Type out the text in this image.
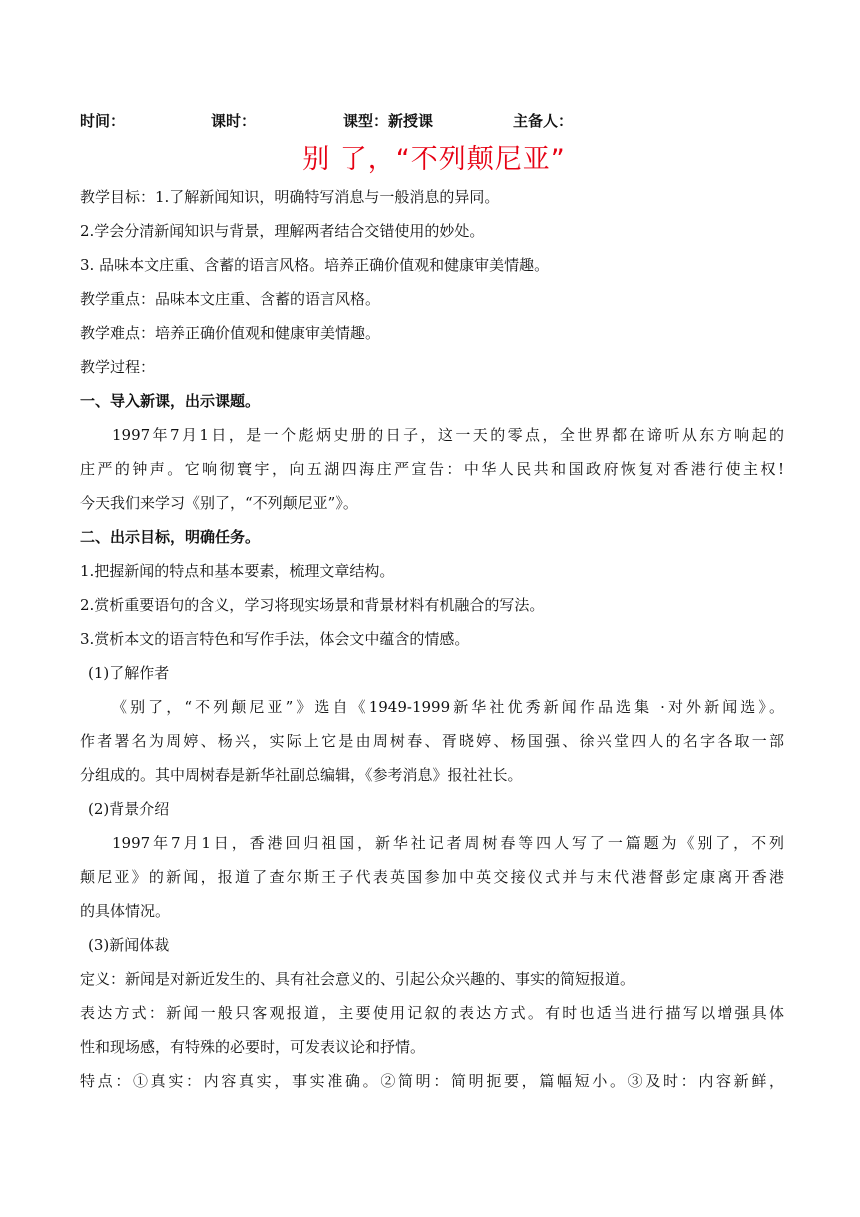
时间：	课时：	课型：新授课	主备人：
别 了，“不列颠尼亚”
教学目标：1.了解新闻知识，明确特写消息与一般消息的异同。
2.学会分清新闻知识与背景，理解两者结合交错使用的妙处。
3. 品味本文庄重、含蓄的语言风格。培养正确价值观和健康审美情趣。
教学重点：品味本文庄重、含蓄的语言风格。
教学难点：培养正确价值观和健康审美情趣。
教学过程：
一、导入新课，出示课题。
1997年7月1日，是一个彪炳史册的日子，这一天的零点，全世界都在谛听从东方响起的
庄严的钟声。它响彻寰宇，向五湖四海庄严宣告：中华人民共和国政府恢复对香港行使主权!
今天我们来学习《别了，“不列颠尼亚”》。
二、出示目标，明确任务。
1.把握新闻的特点和基本要素，梳理文章结构。
2.赏析重要语句的含义，学习将现实场景和背景材料有机融合的写法。
3.赏析本文的语言特色和写作手法，体会文中蕴含的情感。
(1)了解作者
《别了，“不列颠尼亚”》选自《1949-1999新华社优秀新闻作品选集 ·对外新闻选》。
作者署名为周婷、杨兴，实际上它是由周树春、胥晓婷、杨国强、徐兴堂四人的名字各取一部
分组成的。其中周树春是新华社副总编辑，《参考消息》报社社长。
(2)背景介绍
1997年7月1日，香港回归祖国，新华社记者周树春等四人写了一篇题为《别了，不列
颠尼亚》的新闻，报道了查尔斯王子代表英国参加中英交接仪式并与末代港督彭定康离开香港
的具体情况。
(3)新闻体裁
定义：新闻是对新近发生的、具有社会意义的、引起公众兴趣的、事实的简短报道。
表达方式：新闻一般只客观报道，主要使用记叙的表达方式。有时也适当进行描写以增强具体
性和现场感，有特殊的必要时，可发表议论和抒情。
特点：①真实：内容真实，事实准确。②简明：简明扼要，篇幅短小。③及时：内容新鲜，
